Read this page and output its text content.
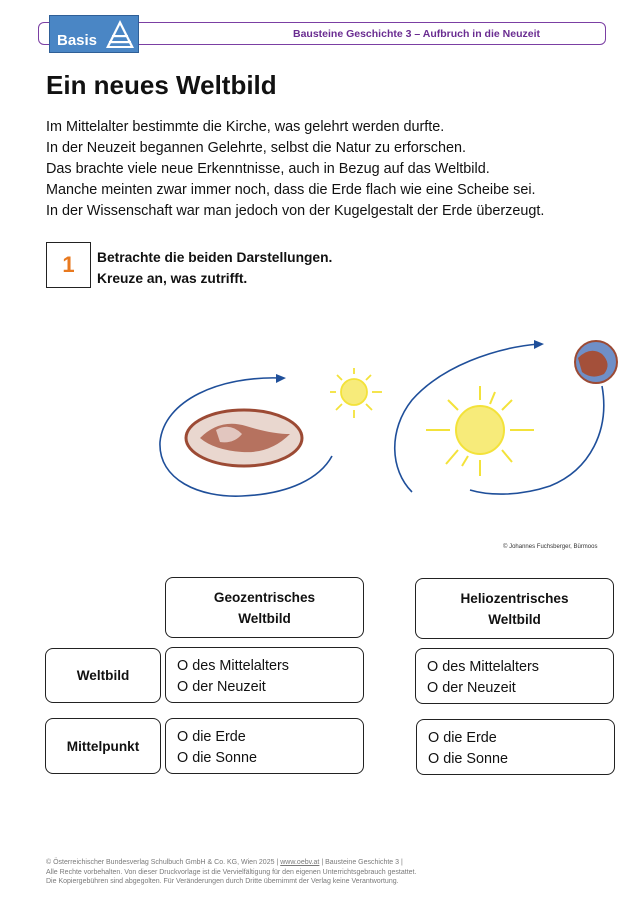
Bausteine Geschichte 3 – Aufbruch in die Neuzeit
Basis
Ein neues Weltbild
Im Mittelalter bestimmte die Kirche, was gelehrt werden durfte.
In der Neuzeit begannen Gelehrte, selbst die Natur zu erforschen.
Das brachte viele neue Erkenntnisse, auch in Bezug auf das Weltbild.
Manche meinten zwar immer noch, dass die Erde flach wie eine Scheibe sei.
In der Wissenschaft war man jedoch von der Kugelgestalt der Erde überzeugt.
1	Betrachte die beiden Darstellungen.
Kreuze an, was zutrifft.
© Johannes Fuchsberger, Bürmoos
Geozentrisches
Weltbild
Heliozentrisches
Weltbild
Weltbild
O des Mittelalters
O der Neuzeit
O des Mittelalters
O der Neuzeit
Mittelpunkt
O die Erde
O die Sonne
O die Erde
O die Sonne
© Österreichischer Bundesverlag Schulbuch GmbH & Co. KG, Wien 2025 | www.oebv.at | Bausteine Geschichte 3 |
Alle Rechte vorbehalten. Von dieser Druckvorlage ist die Vervielfältigung für den eigenen Unterrichtsgebrauch gestattet.
Die Kopiergebühren sind abgegolten. Für Veränderungen durch Dritte übernimmt der Verlag keine Verantwortung.
